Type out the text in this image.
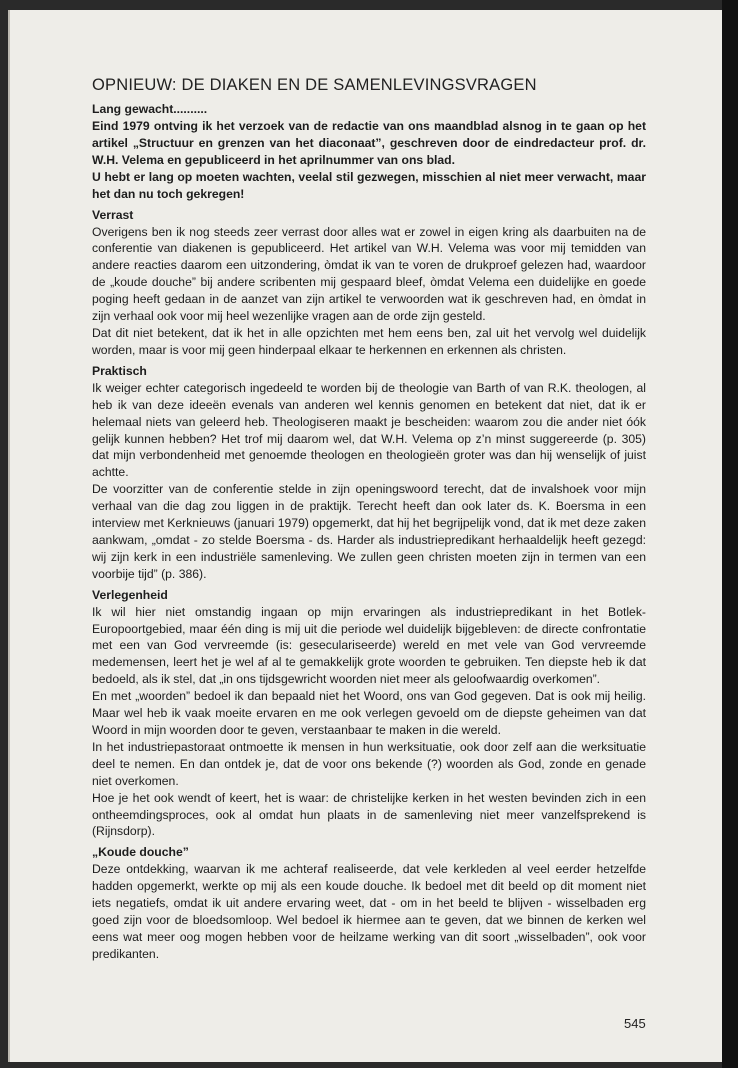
OPNIEUW: DE DIAKEN EN DE SAMENLEVINGSVRAGEN
Lang gewacht..........

Eind 1979 ontving ik het verzoek van de redactie van ons maandblad alsnog in te gaan op het artikel „Structuur en grenzen van het diaconaat”, geschreven door de eindredacteur prof. dr. W.H. Velema en gepubliceerd in het aprilnummer van ons blad.

U hebt er lang op moeten wachten, veelal stil gezwegen, misschien al niet meer verwacht, maar het dan nu toch gekregen!

Verrast

Overigens ben ik nog steeds zeer verrast door alles wat er zowel in eigen kring als daarbuiten na de conferentie van diakenen is gepubliceerd. Het artikel van W.H. Velema was voor mij temidden van andere reacties daarom een uitzondering, òmdat ik van te voren de drukproef gelezen had, waardoor de „koude douche” bij andere scribenten mij gespaard bleef, òmdat Velema een duidelijke en goede poging heeft gedaan in de aanzet van zijn artikel te verwoorden wat ik geschreven had, en òmdat in zijn verhaal ook voor mij heel wezenlijke vragen aan de orde zijn gesteld.

Dat dit niet betekent, dat ik het in alle opzichten met hem eens ben, zal uit het vervolg wel duidelijk worden, maar is voor mij geen hinderpaal elkaar te herkennen en erkennen als christen.

Praktisch

Ik weiger echter categorisch ingedeeld te worden bij de theologie van Barth of van R.K. theologen, al heb ik van deze ideeën evenals van anderen wel kennis genomen en betekent dat niet, dat ik er helemaal niets van geleerd heb. Theologiseren maakt je bescheiden: waarom zou die ander niet óók gelijk kunnen hebben? Het trof mij daarom wel, dat W.H. Velema op z’n minst suggereerde (p. 305) dat mijn verbondenheid met genoemde theologen en theologieën groter was dan hij wenselijk of juist achtte.

De voorzitter van de conferentie stelde in zijn openingswoord terecht, dat de invalshoek voor mijn verhaal van die dag zou liggen in de praktijk. Terecht heeft dan ook later ds. K. Boersma in een interview met Kerknieuws (januari 1979) opgemerkt, dat hij het begrijpelijk vond, dat ik met deze zaken aankwam, „omdat - zo stelde Boersma - ds. Harder als industriepredikant herhaaldelijk heeft gezegd: wij zijn kerk in een industriële samenleving. We zullen geen christen moeten zijn in termen van een voorbije tijd” (p. 386).

Verlegenheid

Ik wil hier niet omstandig ingaan op mijn ervaringen als industriepredikant in het Botlek-Europoortgebied, maar één ding is mij uit die periode wel duidelijk bijgebleven: de directe confrontatie met een van God vervreemde (is: geseculariseerde) wereld en met vele van God vervreemde medemensen, leert het je wel af al te gemakkelijk grote woorden te gebruiken. Ten diepste heb ik dat bedoeld, als ik stel, dat „in ons tijdsgewricht woorden niet meer als geloofwaardig overkomen”.

En met „woorden” bedoel ik dan bepaald niet het Woord, ons van God gegeven. Dat is ook mij heilig. Maar wel heb ik vaak moeite ervaren en me ook verlegen gevoeld om de diepste geheimen van dat Woord in mijn woorden door te geven, verstaanbaar te maken in die wereld.

In het industriepastoraat ontmoette ik mensen in hun werksituatie, ook door zelf aan die werksituatie deel te nemen. En dan ontdek je, dat de voor ons bekende (?) woorden als God, zonde en genade niet overkomen.

Hoe je het ook wendt of keert, het is waar: de christelijke kerken in het westen bevinden zich in een ontheemdingsproces, ook al omdat hun plaats in de samenleving niet meer vanzelfsprekend is (Rijnsdorp).

„Koude douche”

Deze ontdekking, waarvan ik me achteraf realiseerde, dat vele kerkleden al veel eerder hetzelfde hadden opgemerkt, werkte op mij als een koude douche. Ik bedoel met dit beeld op dit moment niet iets negatiefs, omdat ik uit andere ervaring weet, dat - om in het beeld te blijven - wisselbaden erg goed zijn voor de bloedsomloop. Wel bedoel ik hiermee aan te geven, dat we binnen de kerken wel eens wat meer oog mogen hebben voor de heilzame werking van dit soort „wisselbaden”, ook voor predikanten.

545
